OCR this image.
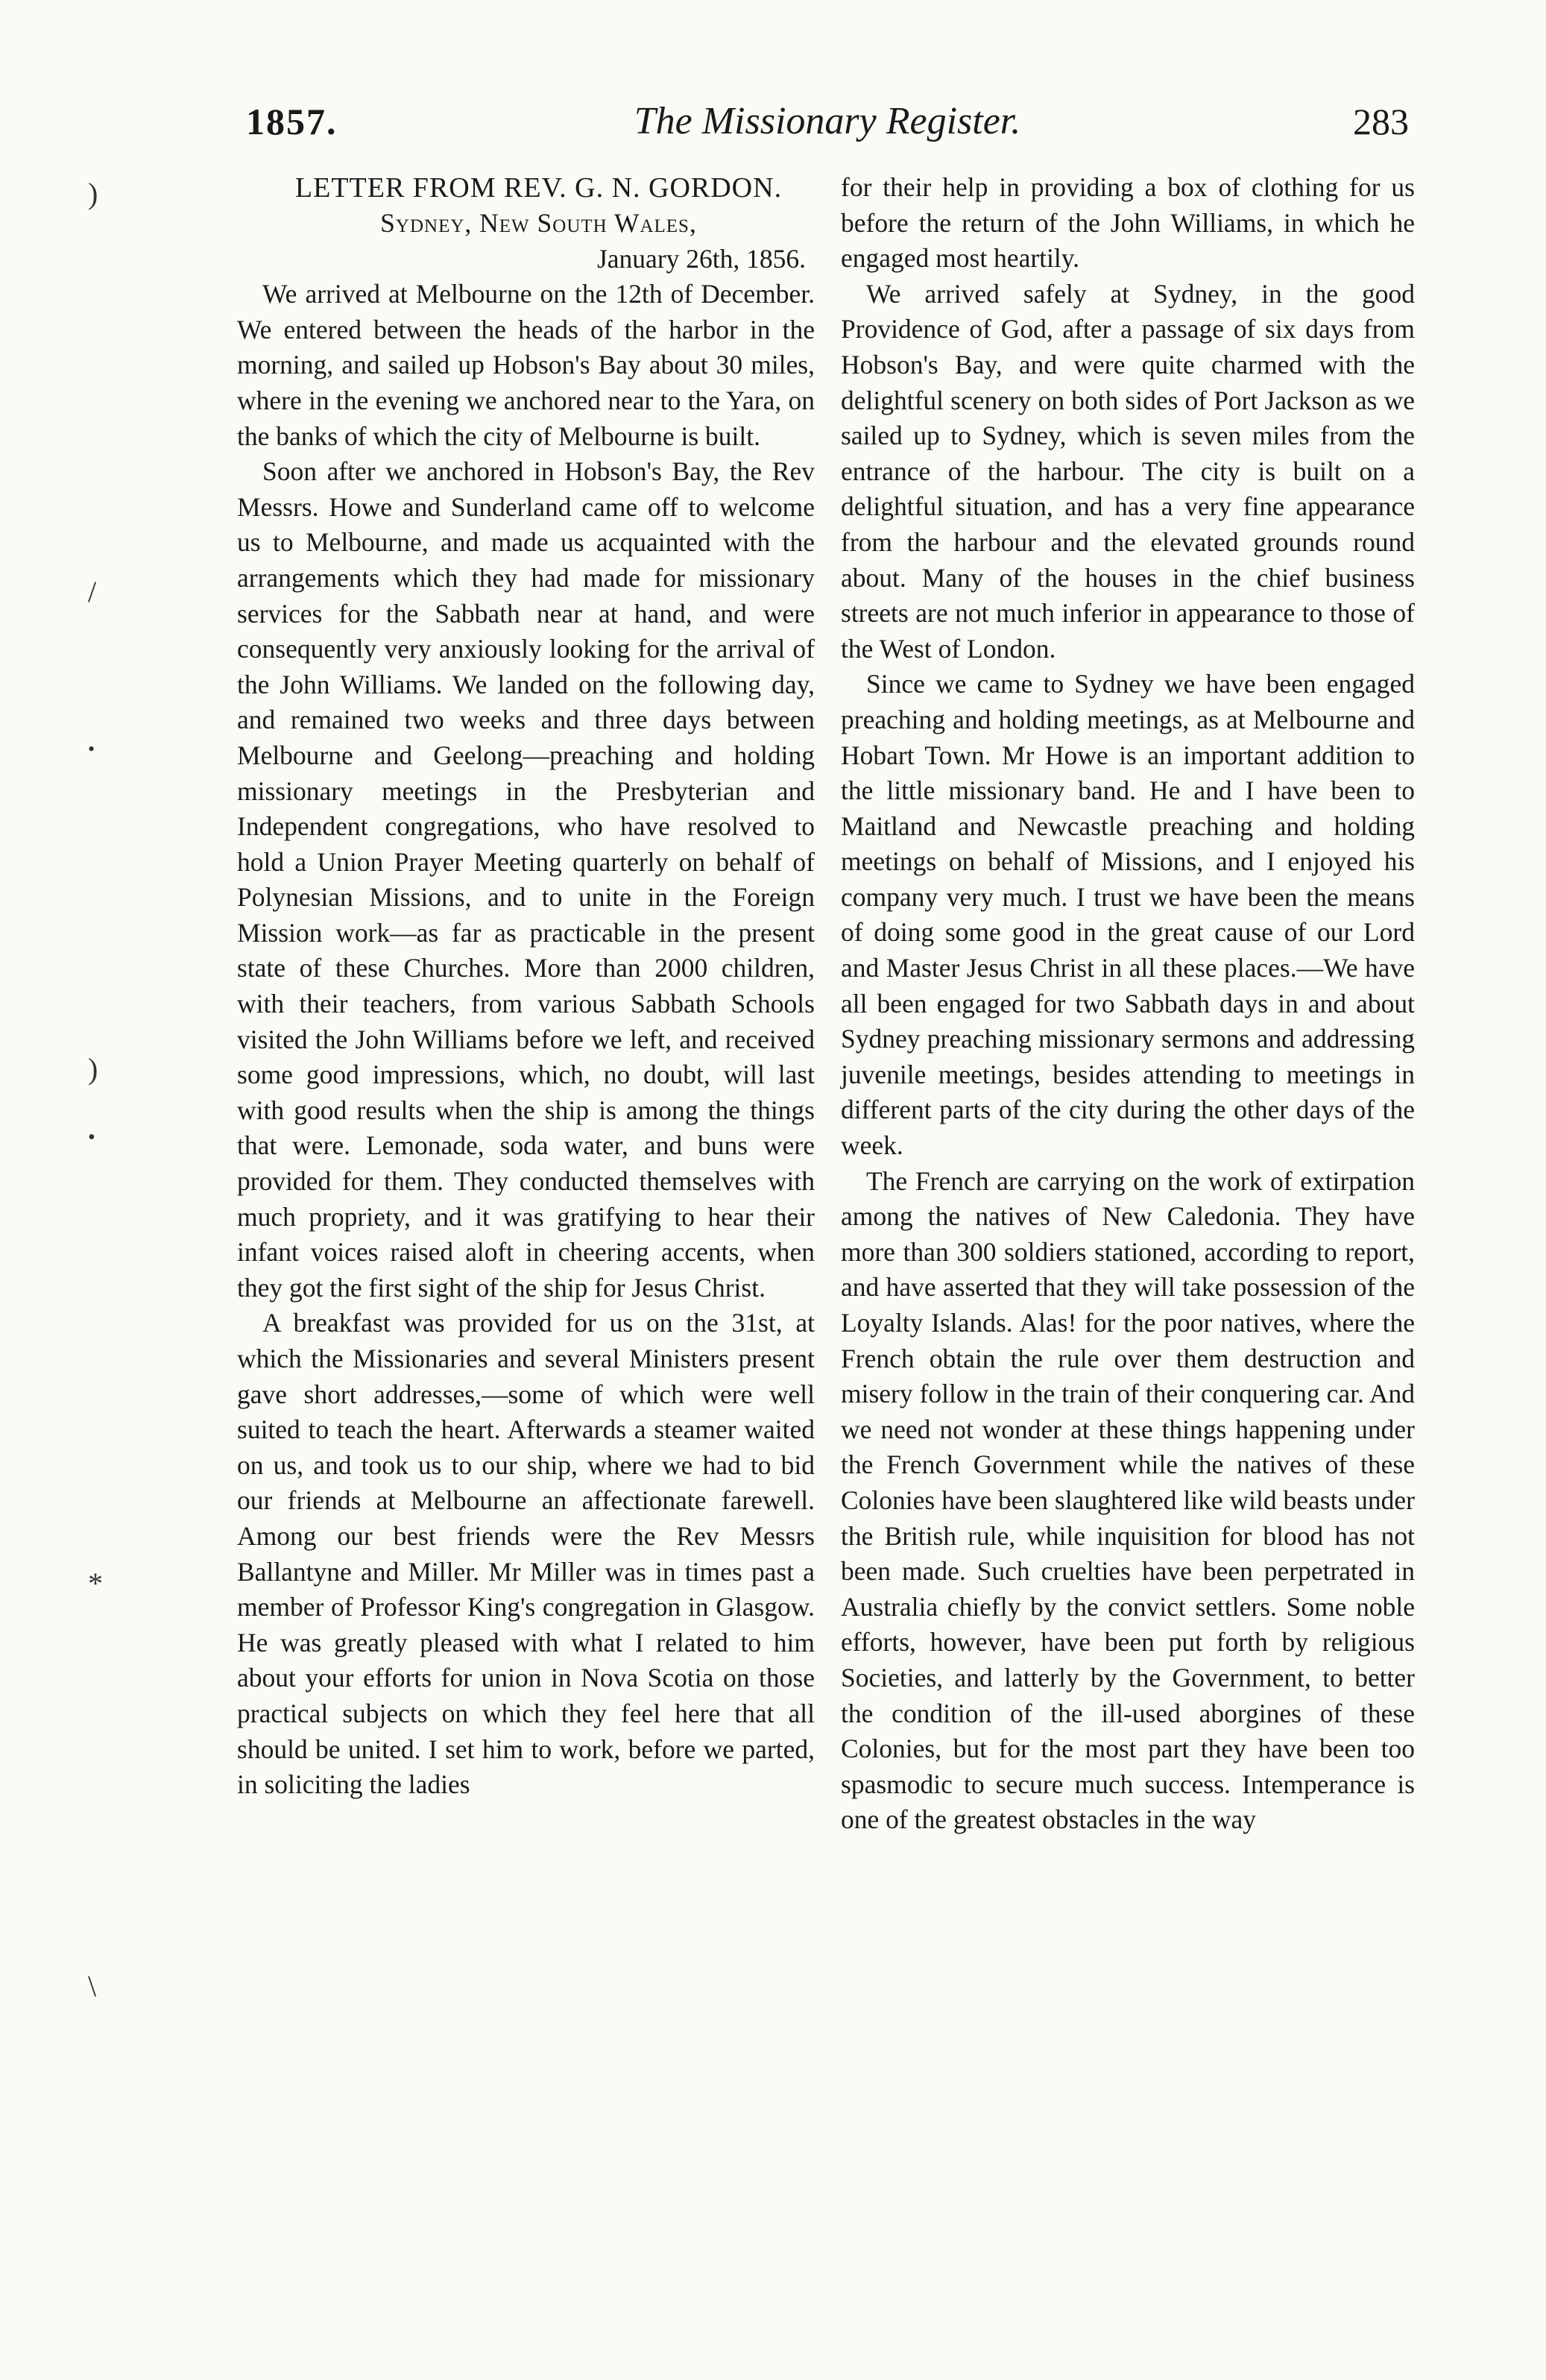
1857.	The Missionary Register.	283
)
/
•
)
•
*
\

LETTER FROM REV. G. N. GORDON.

Sydney, New South Wales,

January 26th, 1856.

We arrived at Melbourne on the 12th of December. We entered between the heads of the harbor in the morning, and sailed up Hobson's Bay about 30 miles, where in the evening we anchored near to the Yara, on the banks of which the city of Melbourne is built.

Soon after we anchored in Hobson's Bay, the Rev Messrs. Howe and Sunderland came off to welcome us to Melbourne, and made us acquainted with the arrangements which they had made for missionary services for the Sabbath near at hand, and were consequently very anxiously looking for the arrival of the John Williams. We landed on the following day, and remained two weeks and three days between Melbourne and Geelong—preaching and holding missionary meetings in the Presbyterian and Independent congregations, who have resolved to hold a Union Prayer Meeting quarterly on behalf of Polynesian Missions, and to unite in the Foreign Mission work—as far as practicable in the present state of these Churches. More than 2000 children, with their teachers, from various Sabbath Schools visited the John Williams before we left, and received some good impressions, which, no doubt, will last with good results when the ship is among the things that were. Lemonade, soda water, and buns were provided for them. They conducted themselves with much propriety, and it was gratifying to hear their infant voices raised aloft in cheering accents, when they got the first sight of the ship for Jesus Christ.

A breakfast was provided for us on the 31st, at which the Missionaries and several Ministers present gave short addresses,—some of which were well suited to teach the heart. Afterwards a steamer waited on us, and took us to our ship, where we had to bid our friends at Melbourne an affectionate farewell. Among our best friends were the Rev Messrs Ballantyne and Miller. Mr Miller was in times past a member of Professor King's congregation in Glasgow. He was greatly pleased with what I related to him about your efforts for union in Nova Scotia on those practical subjects on which they feel here that all should be united. I set him to work, before we parted, in soliciting the ladies

for their help in providing a box of clothing for us before the return of the John Williams, in which he engaged most heartily.

We arrived safely at Sydney, in the good Providence of God, after a passage of six days from Hobson's Bay, and were quite charmed with the delightful scenery on both sides of Port Jackson as we sailed up to Sydney, which is seven miles from the entrance of the harbour. The city is built on a delightful situation, and has a very fine appearance from the harbour and the elevated grounds round about. Many of the houses in the chief business streets are not much inferior in appearance to those of the West of London.

Since we came to Sydney we have been engaged preaching and holding meetings, as at Melbourne and Hobart Town. Mr Howe is an important addition to the little missionary band. He and I have been to Maitland and Newcastle preaching and holding meetings on behalf of Missions, and I enjoyed his company very much. I trust we have been the means of doing some good in the great cause of our Lord and Master Jesus Christ in all these places.—We have all been engaged for two Sabbath days in and about Sydney preaching missionary sermons and addressing juvenile meetings, besides attending to meetings in different parts of the city during the other days of the week.

The French are carrying on the work of extirpation among the natives of New Caledonia. They have more than 300 soldiers stationed, according to report, and have asserted that they will take possession of the Loyalty Islands. Alas! for the poor natives, where the French obtain the rule over them destruction and misery follow in the train of their conquering car. And we need not wonder at these things happening under the French Government while the natives of these Colonies have been slaughtered like wild beasts under the British rule, while inquisition for blood has not been made. Such cruelties have been perpetrated in Australia chiefly by the convict settlers. Some noble efforts, however, have been put forth by religious Societies, and latterly by the Government, to better the condition of the ill-used aborgines of these Colonies, but for the most part they have been too spasmodic to secure much success. Intemperance is one of the greatest obstacles in the way
